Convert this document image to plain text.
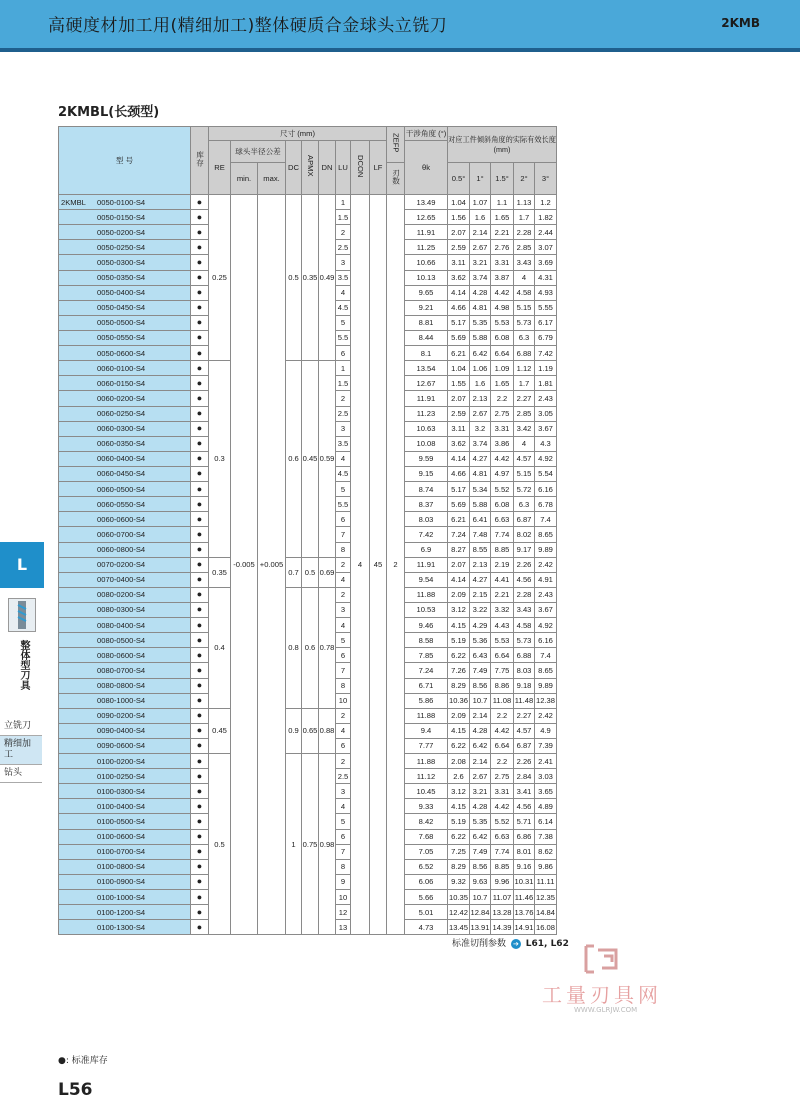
高硬度材加工用(精细加工)整体硬质合金球头立铣刀	2KMB
2KMBL(长颈型)
型 号	库存	尺寸 (mm)									ZEFP	干涉角度 (°)	对应工件倾斜角度的实际有效长度 (mm)				
		RE	球头半径公差		DC	APMX	DN	LU	DCON	LF		θk					
			min.	max.							刃数		0.5°	1°	1.5°	2°	3°
2KMBL 0050-0100-S4	●	0.25	-0.005	+0.005	0.5	0.35	0.49	1	4	45	2	13.49	1.04	1.07	1.1	1.13	1.2
0050-0150-S4	●							1.5				12.65	1.56	1.6	1.65	1.7	1.82
0050-0200-S4	●							2				11.91	2.07	2.14	2.21	2.28	2.44
0050-0250-S4	●							2.5				11.25	2.59	2.67	2.76	2.85	3.07
0050-0300-S4	●							3				10.66	3.11	3.21	3.31	3.43	3.69
0050-0350-S4	●							3.5				10.13	3.62	3.74	3.87	4	4.31
0050-0400-S4	●							4				9.65	4.14	4.28	4.42	4.58	4.93
0050-0450-S4	●							4.5				9.21	4.66	4.81	4.98	5.15	5.55
0050-0500-S4	●							5				8.81	5.17	5.35	5.53	5.73	6.17
0050-0550-S4	●							5.5				8.44	5.69	5.88	6.08	6.3	6.79
0050-0600-S4	●							6				8.1	6.21	6.42	6.64	6.88	7.42
0060-0100-S4	●	0.3			0.6	0.45	0.59	1				13.54	1.04	1.06	1.09	1.12	1.19
0060-0150-S4	●							1.5				12.67	1.55	1.6	1.65	1.7	1.81
0060-0200-S4	●							2				11.91	2.07	2.13	2.2	2.27	2.43
0060-0250-S4	●							2.5				11.23	2.59	2.67	2.75	2.85	3.05
0060-0300-S4	●							3				10.63	3.11	3.2	3.31	3.42	3.67
0060-0350-S4	●							3.5				10.08	3.62	3.74	3.86	4	4.3
0060-0400-S4	●							4				9.59	4.14	4.27	4.42	4.57	4.92
0060-0450-S4	●							4.5				9.15	4.66	4.81	4.97	5.15	5.54
0060-0500-S4	●							5				8.74	5.17	5.34	5.52	5.72	6.16
0060-0550-S4	●							5.5				8.37	5.69	5.88	6.08	6.3	6.78
0060-0600-S4	●							6				8.03	6.21	6.41	6.63	6.87	7.4
0060-0700-S4	●							7				7.42	7.24	7.48	7.74	8.02	8.65
0060-0800-S4	●							8				6.9	8.27	8.55	8.85	9.17	9.89
0070-0200-S4	●	0.35			0.7	0.5	0.69	2				11.91	2.07	2.13	2.19	2.26	2.42
0070-0400-S4	●							4				9.54	4.14	4.27	4.41	4.56	4.91
0080-0200-S4	●	0.4			0.8	0.6	0.78	2				11.88	2.09	2.15	2.21	2.28	2.43
0080-0300-S4	●							3				10.53	3.12	3.22	3.32	3.43	3.67
0080-0400-S4	●							4				9.46	4.15	4.29	4.43	4.58	4.92
0080-0500-S4	●							5				8.58	5.19	5.36	5.53	5.73	6.16
0080-0600-S4	●							6				7.85	6.22	6.43	6.64	6.88	7.4
0080-0700-S4	●							7				7.24	7.26	7.49	7.75	8.03	8.65
0080-0800-S4	●							8				6.71	8.29	8.56	8.86	9.18	9.89
0080-1000-S4	●							10				5.86	10.36	10.7	11.08	11.48	12.38
0090-0200-S4	●	0.45			0.9	0.65	0.88	2				11.88	2.09	2.14	2.2	2.27	2.42
0090-0400-S4	●							4				9.4	4.15	4.28	4.42	4.57	4.9
0090-0600-S4	●							6				7.77	6.22	6.42	6.64	6.87	7.39
0100-0200-S4	●	0.5			1	0.75	0.98	2				11.88	2.08	2.14	2.2	2.26	2.41
0100-0250-S4	●							2.5				11.12	2.6	2.67	2.75	2.84	3.03
0100-0300-S4	●							3				10.45	3.12	3.21	3.31	3.41	3.65
0100-0400-S4	●							4				9.33	4.15	4.28	4.42	4.56	4.89
0100-0500-S4	●							5				8.42	5.19	5.35	5.52	5.71	6.14
0100-0600-S4	●							6				7.68	6.22	6.42	6.63	6.86	7.38
0100-0700-S4	●							7				7.05	7.25	7.49	7.74	8.01	8.62
0100-0800-S4	●							8				6.52	8.29	8.56	8.85	9.16	9.86
0100-0900-S4	●							9				6.06	9.32	9.63	9.96	10.31	11.11
0100-1000-S4	●							10				5.66	10.35	10.7	11.07	11.46	12.35
0100-1200-S4	●							12				5.01	12.42	12.84	13.28	13.76	14.84
0100-1300-S4	●							13				4.73	13.45	13.91	14.39	14.91	16.08
L
整体型刀具
立铣刀
精细加工
钻头
标准切削参数 ➔ L61, L62
工量刃具网
WWW.GLRJW.COM
●: 标准库存
L56
